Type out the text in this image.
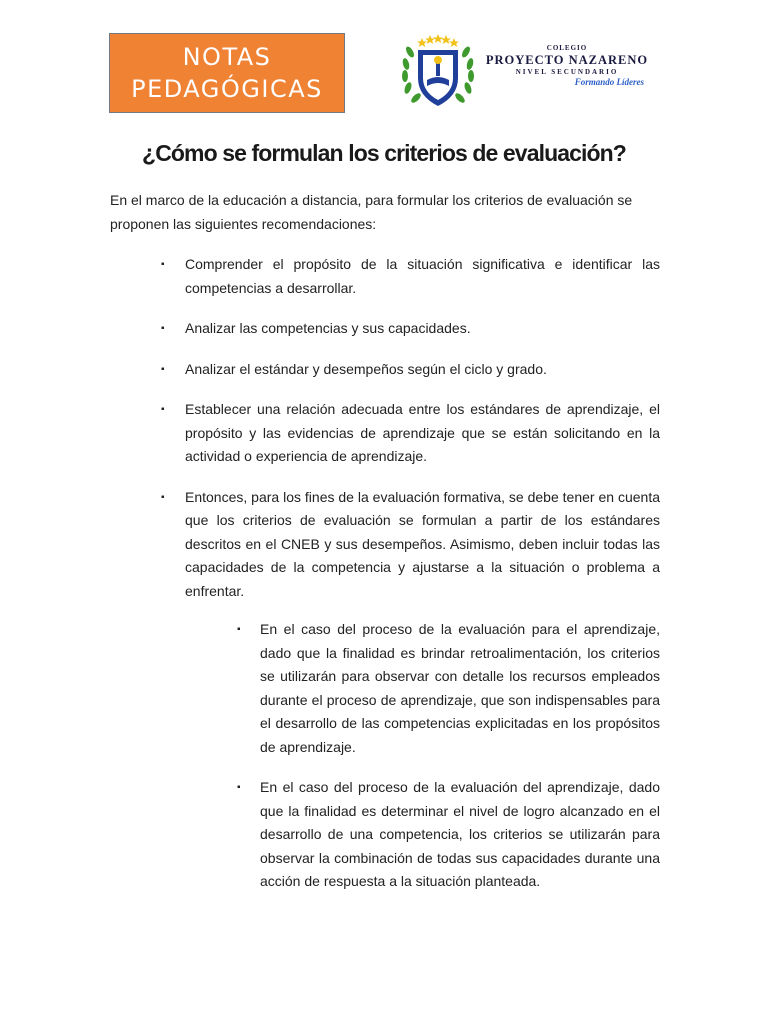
NOTAS
PEDAGÓGICAS
COLEGIO
PROYECTO NAZARENO
NIVEL SECUNDARIO
Formando Líderes
¿Cómo se formulan los criterios de evaluación?

En el marco de la educación a distancia, para formular los criterios de evaluación se proponen las siguientes recomendaciones:

▪ Comprender el propósito de la situación significativa e identificar las competencias a desarrollar.
▪ Analizar las competencias y sus capacidades.
▪ Analizar el estándar y desempeños según el ciclo y grado.
▪ Establecer una relación adecuada entre los estándares de aprendizaje, el propósito y las evidencias de aprendizaje que se están solicitando en la actividad o experiencia de aprendizaje.
▪ Entonces, para los fines de la evaluación formativa, se debe tener en cuenta que los criterios de evaluación se formulan a partir de los estándares descritos en el CNEB y sus desempeños. Asimismo, deben incluir todas las capacidades de la competencia y ajustarse a la situación o problema a enfrentar.
▪ En el caso del proceso de la evaluación para el aprendizaje, dado que la finalidad es brindar retroalimentación, los criterios se utilizarán para observar con detalle los recursos empleados durante el proceso de aprendizaje, que son indispensables para el desarrollo de las competencias explicitadas en los propósitos de aprendizaje.
▪ En el caso del proceso de la evaluación del aprendizaje, dado que la finalidad es determinar el nivel de logro alcanzado en el desarrollo de una competencia, los criterios se utilizarán para observar la combinación de todas sus capacidades durante una acción de respuesta a la situación planteada.
